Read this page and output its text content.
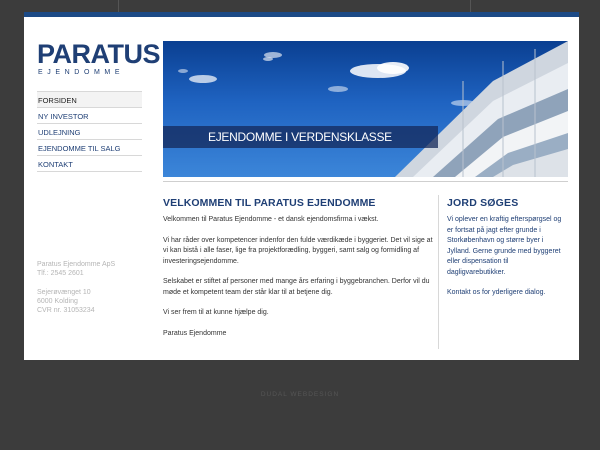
PARATUS
EJENDOMME
FORSIDEN
NY INVESTOR
UDLEJNING
EJENDOMME TIL SALG
KONTAKT
Paratus Ejendomme ApS
Tlf.: 2545 2601
Sejerøvænget 10
6000 Kolding
CVR nr. 31053234
EJENDOMME I VERDENSKLASSE
VELKOMMEN TIL PARATUS EJENDOMME

Velkommen til Paratus Ejendomme - et dansk ejendomsfirma i vækst.

Vi har råder over kompetencer indenfor den fulde værdikæde i byggeriet. Det vil sige at vi kan bistå i alle faser, lige fra projektforædling, byggeri, samt salg og formidling af investeringsejendomme.

Selskabet er stiftet af personer med mange års erfaring i byggebranchen. Derfor vil du møde et kompetent team der står klar til at betjene dig.

Vi ser frem til at kunne hjælpe dig.

Paratus Ejendomme

JORD SØGES

Vi oplever en kraftig efterspørgsel og er fortsat på jagt efter grunde i Storkøbenhavn og større byer i Jylland. Gerne grunde med byggeret eller dispensation til dagligvarebutikker.

Kontakt os for yderligere dialog.

DUDAL WEBDESIGN
